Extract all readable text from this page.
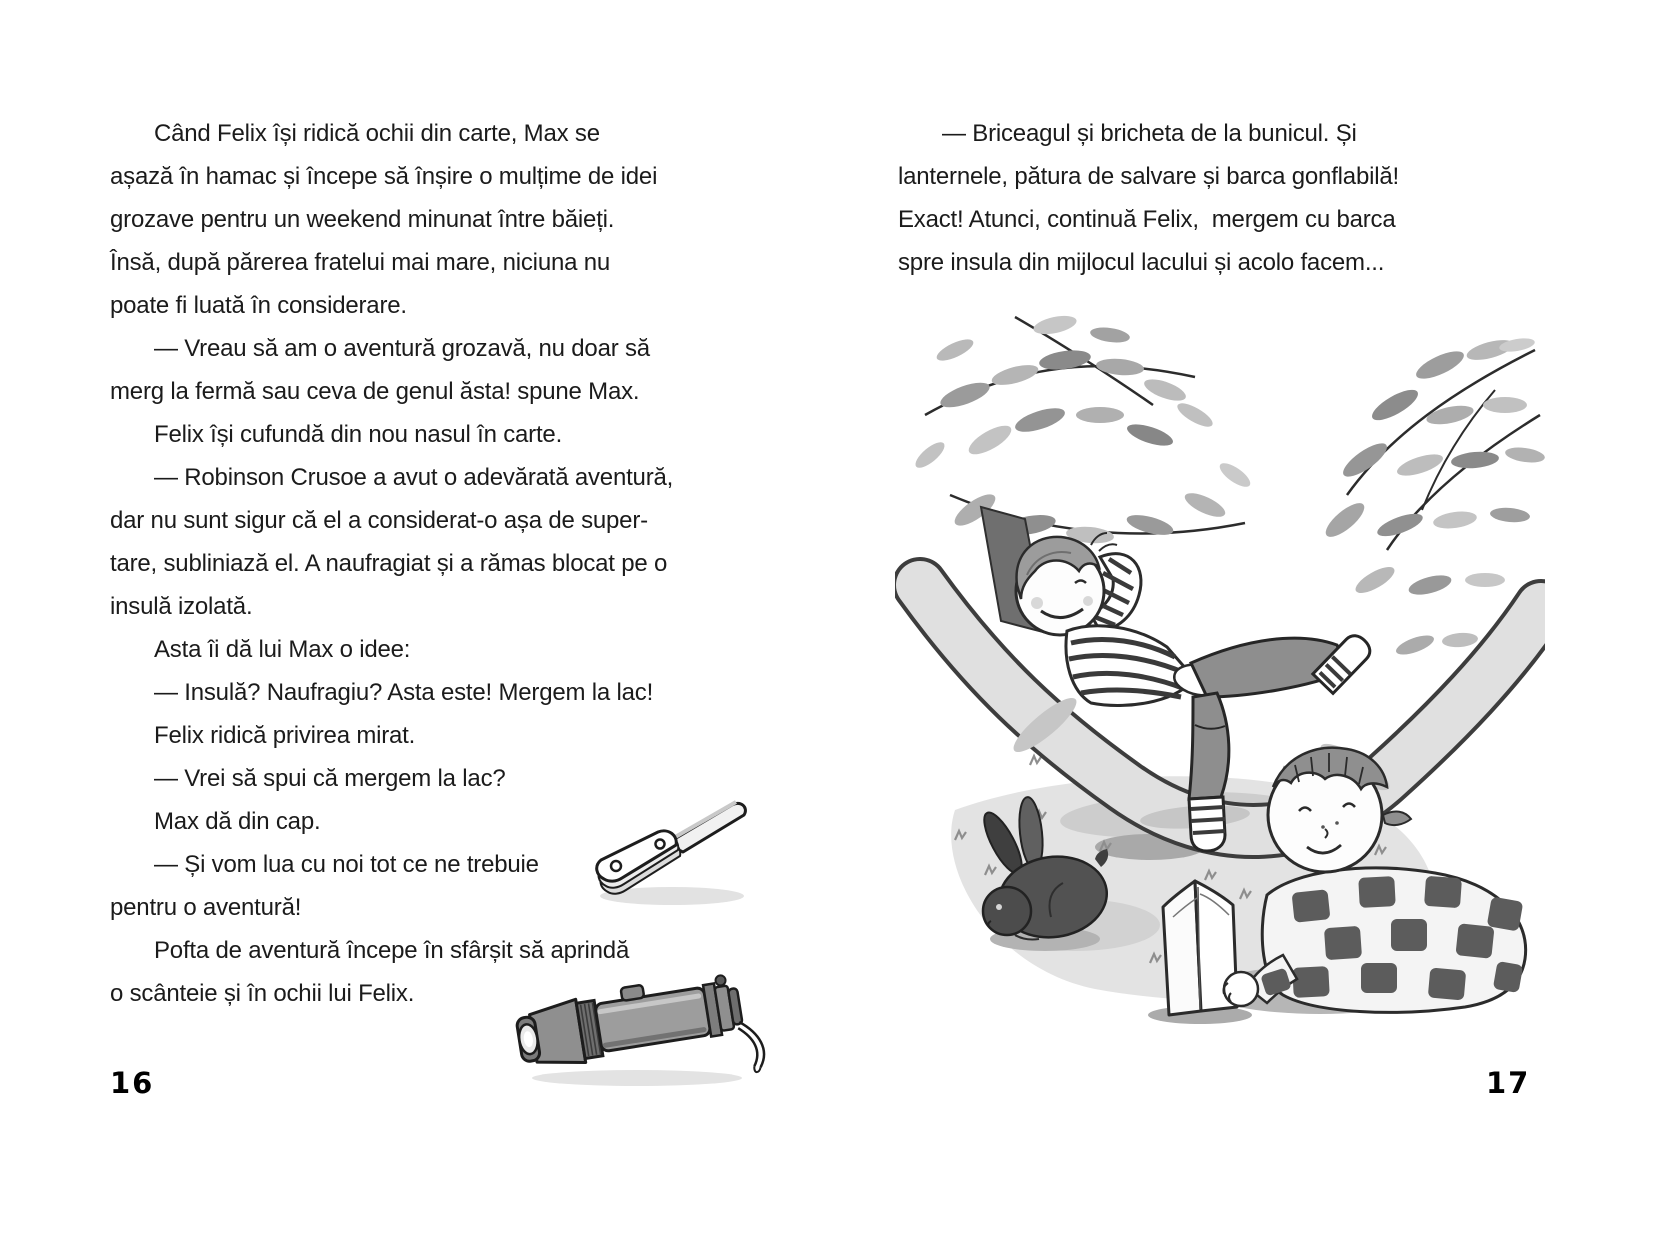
Când Felix își ridică ochii din carte, Max se
așază în hamac și începe să înșire o mulțime de idei
grozave pentru un weekend minunat între băieți.
Însă, după părerea fratelui mai mare, niciuna nu
poate fi luată în considerare.
— Vreau să am o aventură grozavă, nu doar să
merg la fermă sau ceva de genul ăsta! spune Max.
Felix își cufundă din nou nasul în carte.
— Robinson Crusoe a avut o adevărată aventură,
dar nu sunt sigur că el a considerat-o așa de super-
tare, subliniază el. A naufragiat și a rămas blocat pe o
insulă izolată.
Asta îi dă lui Max o idee:
— Insulă? Naufragiu? Asta este! Mergem la lac!
Felix ridică privirea mirat.
— Vrei să spui că mergem la lac?
Max dă din cap.
— Și vom lua cu noi tot ce ne trebuie
pentru o aventură!
Pofta de aventură începe în sfârșit să aprindă
o scânteie și în ochii lui Felix.
— Briceagul și bricheta de la bunicul. Și
lanternele, pătura de salvare și barca gonflabilă!
Exact! Atunci, continuă Felix,  mergem cu barca
spre insula din mijlocul lacului și acolo facem...
16	17
